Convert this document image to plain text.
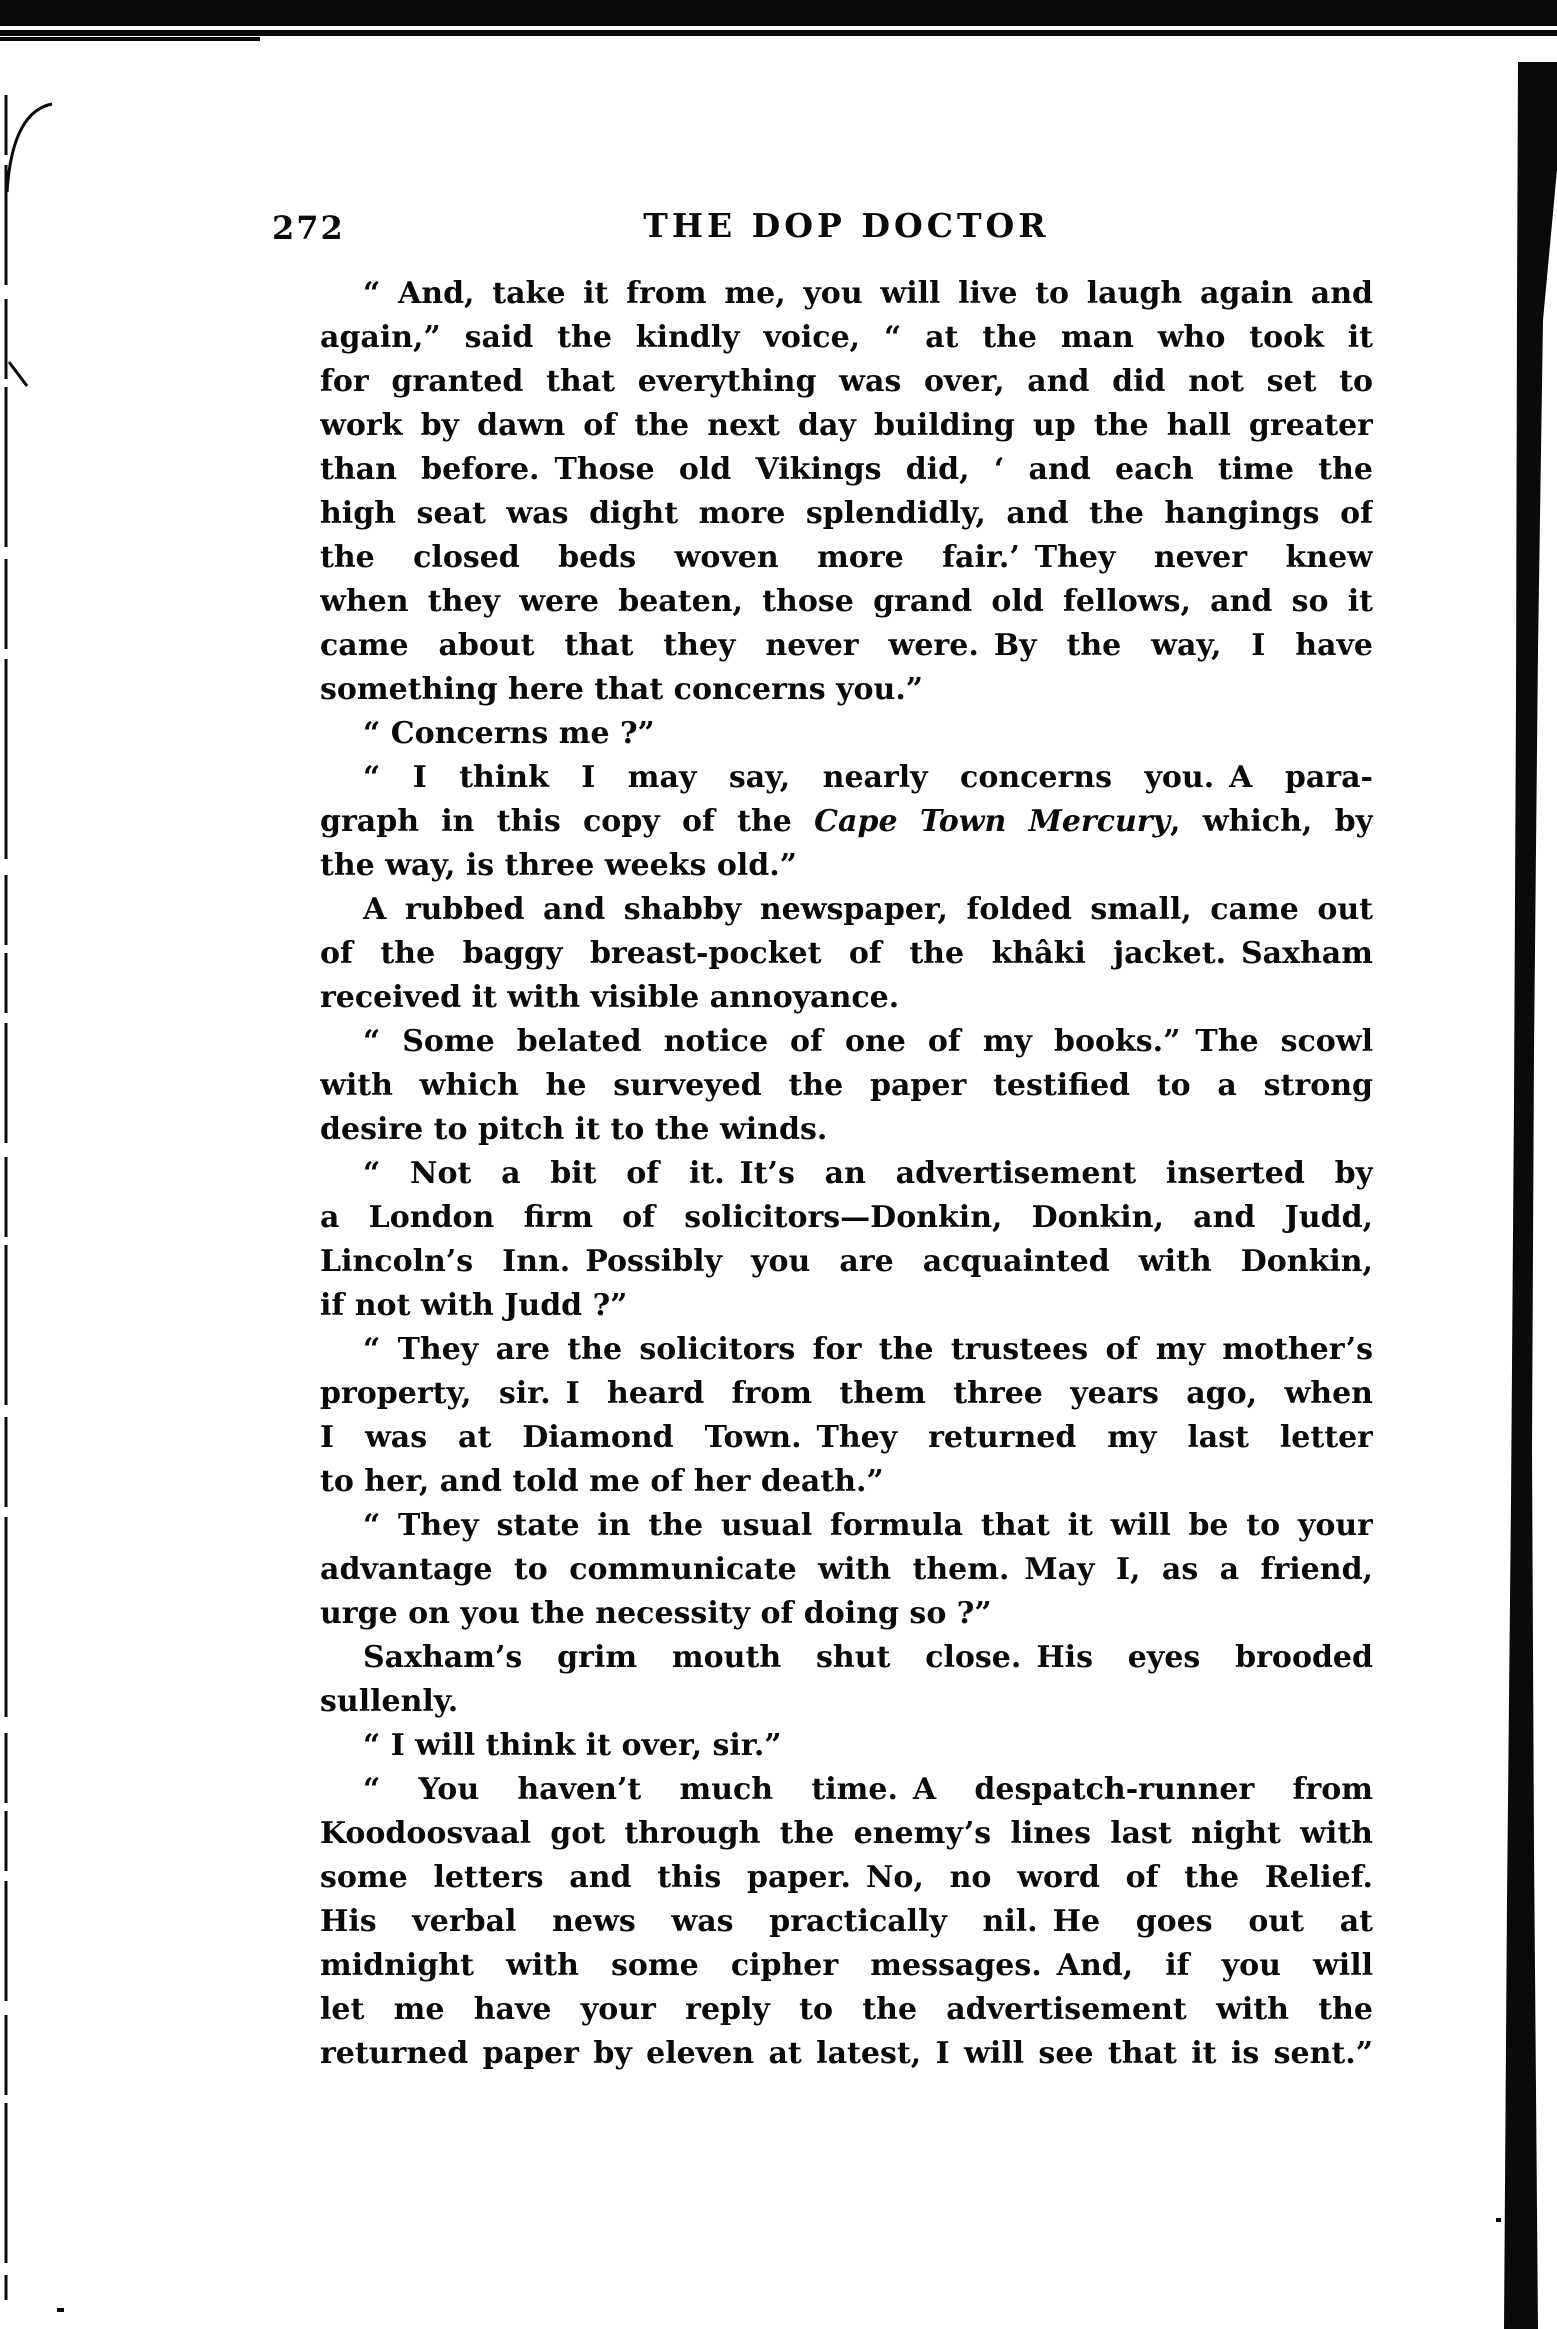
272	THE DOP DOCTOR
“ And, take it from me, you will live to laugh again and
again,” said the kindly voice, “ at the man who took it
for granted that everything was over, and did not set to
work by dawn of the next day building up the hall greater
than before. Those old Vikings did, ‘ and each time the
high seat was dight more splendidly, and the hangings of
the closed beds woven more fair.’ They never knew
when they were beaten, those grand old fellows, and so it
came about that they never were. By the way, I have
something here that concerns you.”
“ Concerns me ?”
“ I think I may say, nearly concerns you. A para-
graph in this copy of the Cape Town Mercury, which, by
the way, is three weeks old.”
A rubbed and shabby newspaper, folded small, came out
of the baggy breast-pocket of the khâki jacket. Saxham
received it with visible annoyance.
“ Some belated notice of one of my books.” The scowl
with which he surveyed the paper testified to a strong
desire to pitch it to the winds.
“ Not a bit of it. It’s an advertisement inserted by
a London firm of solicitors—Donkin, Donkin, and Judd,
Lincoln’s Inn. Possibly you are acquainted with Donkin,
if not with Judd ?”
“ They are the solicitors for the trustees of my mother’s
property, sir. I heard from them three years ago, when
I was at Diamond Town. They returned my last letter
to her, and told me of her death.”
“ They state in the usual formula that it will be to your
advantage to communicate with them. May I, as a friend,
urge on you the necessity of doing so ?”
Saxham’s grim mouth shut close. His eyes brooded
sullenly.
“ I will think it over, sir.”
“ You haven’t much time. A despatch-runner from
Koodoosvaal got through the enemy’s lines last night with
some letters and this paper. No, no word of the Relief.
His verbal news was practically nil. He goes out at
midnight with some cipher messages. And, if you will
let me have your reply to the advertisement with the
returned paper by eleven at latest, I will see that it is sent.”
